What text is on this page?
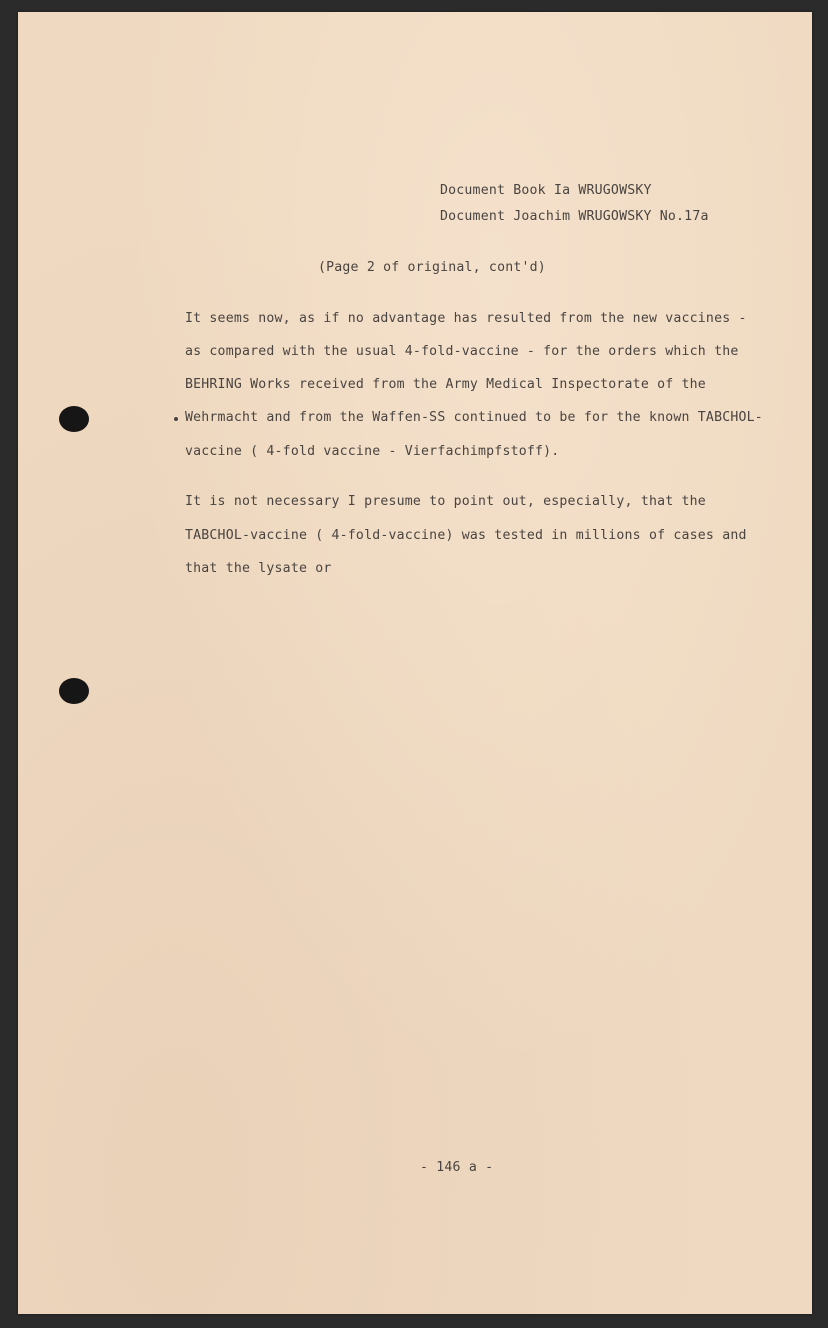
Document Book Ia WRUGOWSKY
Document Joachim WRUGOWSKY No.17a
(Page 2 of original, cont'd)
It seems now, as if no advantage has resulted from the new vaccines -
as compared with the usual 4-fold-vaccine - for the orders which the
BEHRING Works received from the Army Medical Inspectorate of the
Wehrmacht and from the Waffen-SS continued to be for the known TABCHOL-
vaccine ( 4-fold vaccine - Vierfachimpfstoff).
It is not necessary I presume to point out, especially, that the
TABCHOL-vaccine ( 4-fold-vaccine) was tested in millions of cases and
that the lysate or
- 146 a -
